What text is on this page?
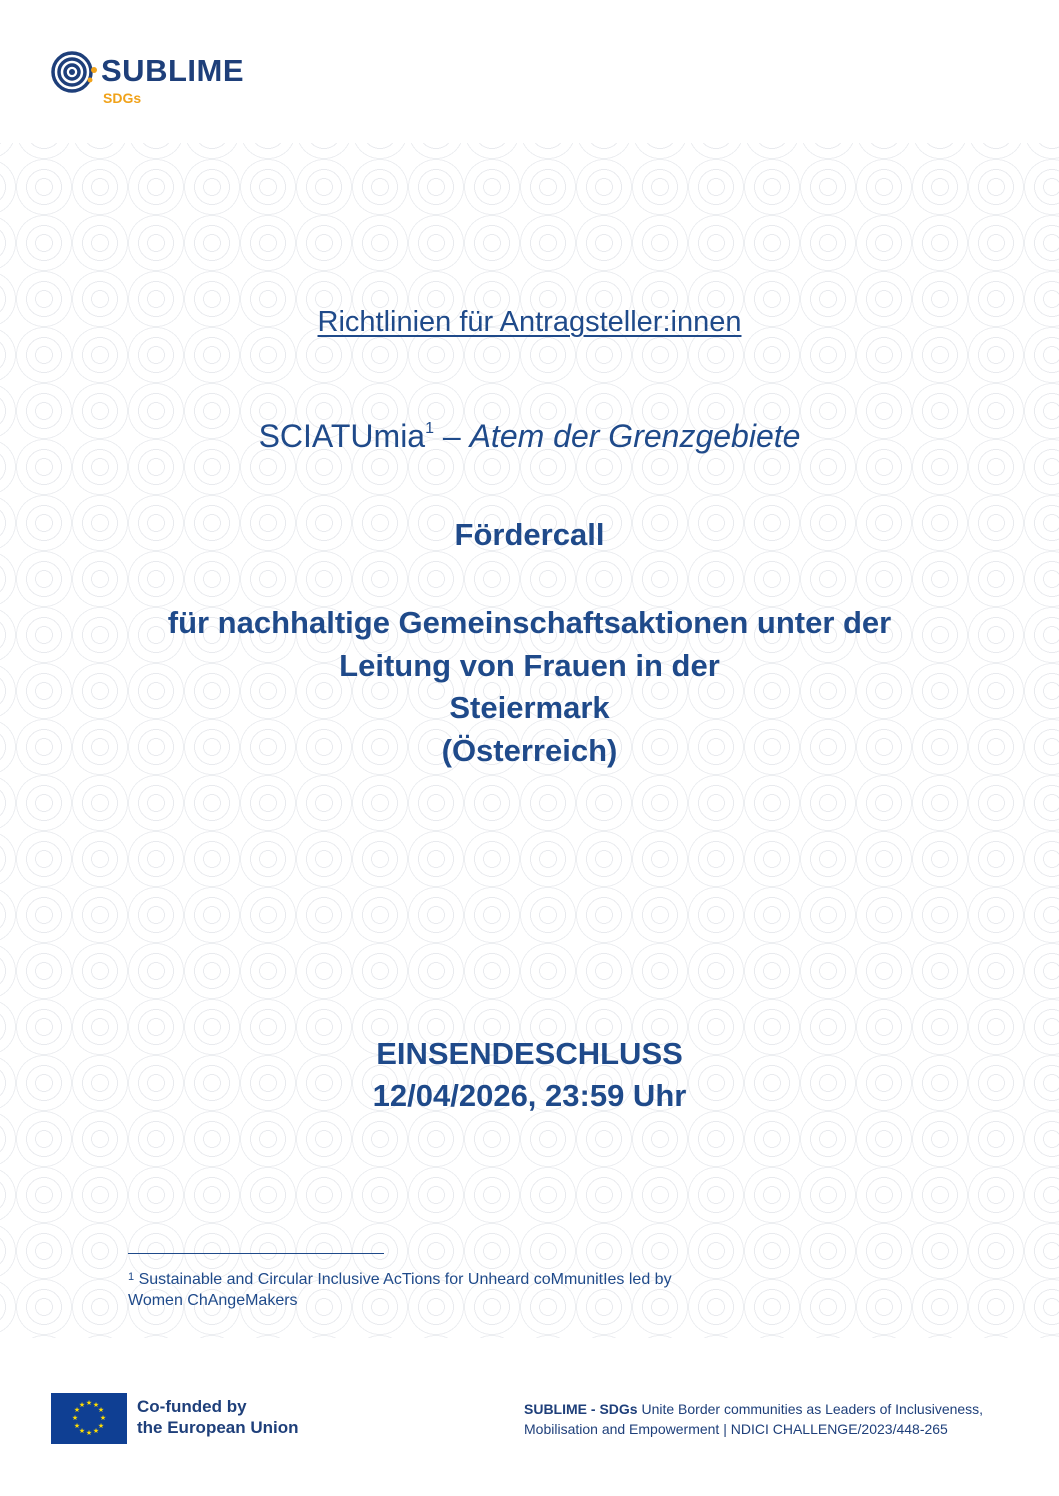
SUBLIME
SDGs
Richtlinien für Antragsteller:innen
SCIATUmia$^1$ – Atem der Grenzgebiete
Fördercall
für nachhaltige Gemeinschaftsaktionen unter der
Leitung von Frauen in der
Steiermark
(Österreich)
EINSENDESCHLUSS
12/04/2026, 23:59 Uhr
$^1$ Sustainable and Circular Inclusive AcTions for Unheard coMmunitIes led by
Women ChAngeMakers
★ ★
★
★
★
★
★
★
★
★
★
★	Co-funded by
the European Union
SUBLIME - SDGs Unite Border communities as Leaders of Inclusiveness,
Mobilisation and Empowerment | NDICI CHALLENGE/2023/448-265
